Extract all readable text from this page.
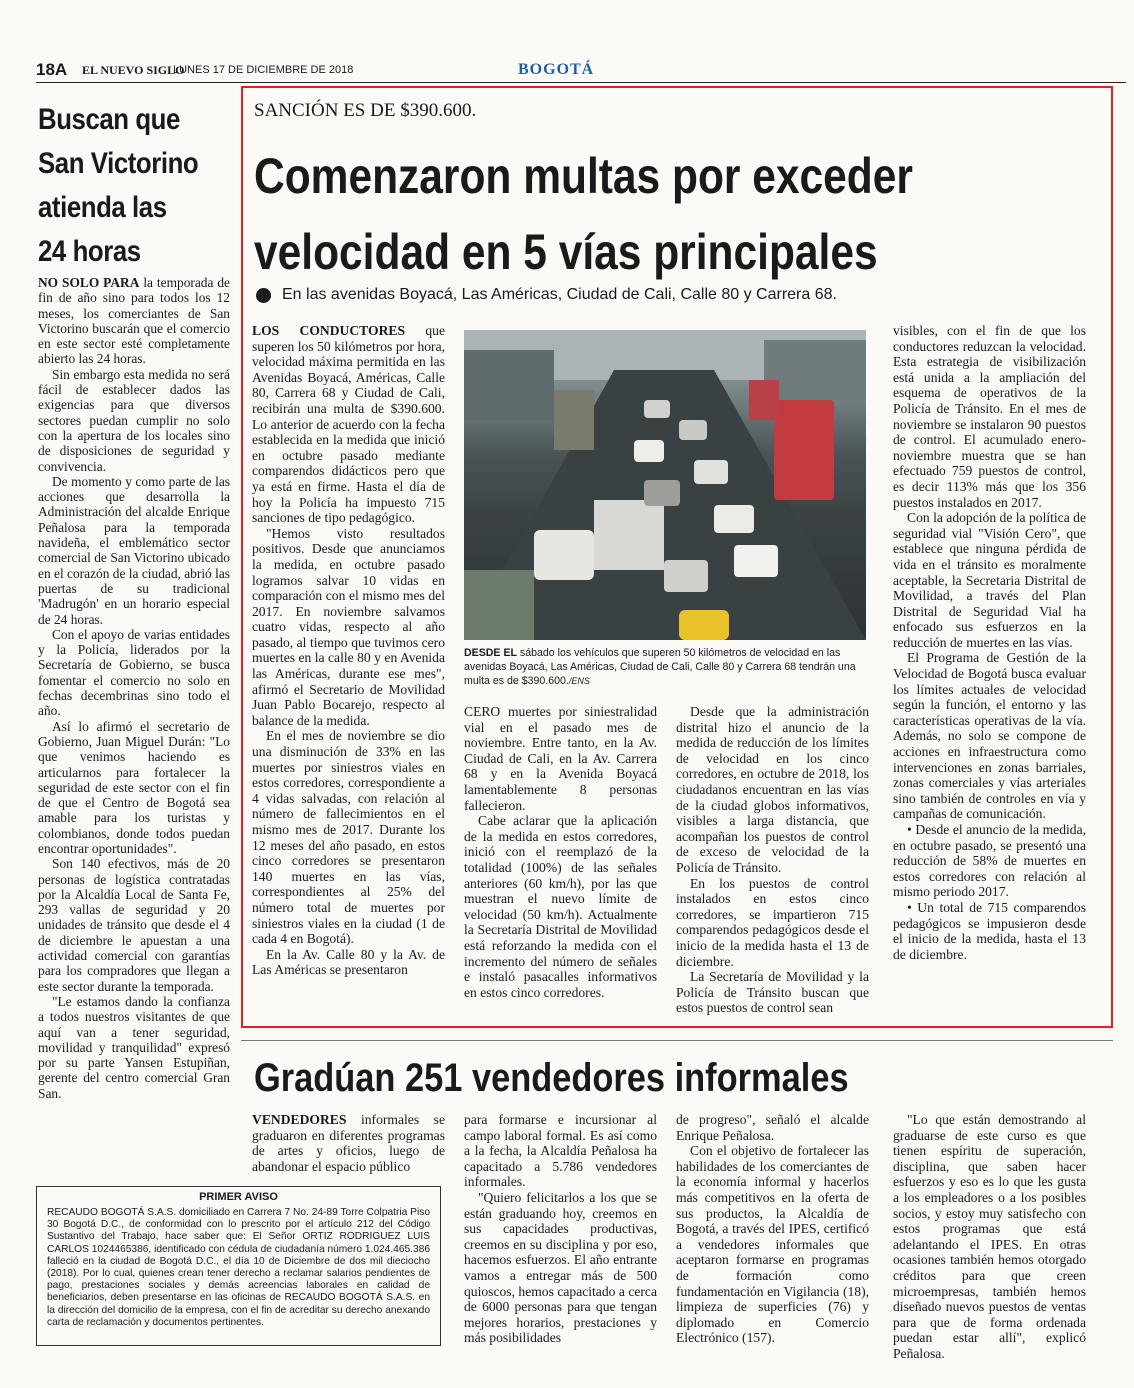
18A EL NUEVO SIGLO
LUNES 17 DE DICIEMBRE DE 2018	BOGOTÁ
Buscan que
San Victorino
atienda las
24 horas

NO SOLO PARA la temporada de fin de año sino para todos los 12 meses, los comerciantes de San Victorino buscarán que el comercio en este sector esté completamente abierto las 24 horas.

Sin embargo esta medida no será fácil de establecer dados las exigencias para que diversos sectores puedan cumplir no solo con la apertura de los locales sino de disposiciones de seguridad y convivencia.

De momento y como parte de las acciones que desarrolla la Administración del alcalde Enrique Peñalosa para la temporada navideña, el emblemático sector comercial de San Victorino ubicado en el corazón de la ciudad, abrió las puertas de su tradicional 'Madrugón' en un horario especial de 24 horas.

Con el apoyo de varias entidades y la Policía, liderados por la Secretaría de Gobierno, se busca fomentar el comercio no solo en fechas decembrinas sino todo el año.

Así lo afirmó el secretario de Gobierno, Juan Miguel Durán: "Lo que venimos haciendo es articularnos para fortalecer la seguridad de este sector con el fin de que el Centro de Bogotá sea amable para los turistas y colombianos, donde todos puedan encontrar oportunidades".

Son 140 efectivos, más de 20 personas de logística contratadas por la Alcaldía Local de Santa Fe, 293 vallas de seguridad y 20 unidades de tránsito que desde el 4 de diciembre le apuestan a una actividad comercial con garantías para los compradores que llegan a este sector durante la temporada.

"Le estamos dando la confianza a todos nuestros visitantes de que aquí van a tener seguridad, movilidad y tranquilidad" expresó por su parte Yansen Estupiñan, gerente del centro comercial Gran San.

SANCIÓN ES DE $390.600.
Comenzaron multas por exceder
velocidad en 5 vías principales
En las avenidas Boyacá, Las Américas, Ciudad de Cali, Calle 80 y Carrera 68.

LOS CONDUCTORES que superen los 50 kilómetros por hora, velocidad máxima permitida en las Avenidas Boyacá, Américas, Calle 80, Carrera 68 y Ciudad de Cali, recibirán una multa de $390.600. Lo anterior de acuerdo con la fecha establecida en la medida que inició en octubre pasado mediante comparendos didácticos pero que ya está en firme. Hasta el día de hoy la Policía ha impuesto 715 sanciones de tipo pedagógico.

"Hemos visto resultados positivos. Desde que anunciamos la medida, en octubre pasado logramos salvar 10 vidas en comparación con el mismo mes del 2017. En noviembre salvamos cuatro vidas, respecto al año pasado, al tiempo que tuvimos cero muertes en la calle 80 y en Avenida las Américas, durante ese mes", afirmó el Secretario de Movilidad Juan Pablo Bocarejo, respecto al balance de la medida.

En el mes de noviembre se dio una disminución de 33% en las muertes por siniestros viales en estos corredores, correspondiente a 4 vidas salvadas, con relación al número de fallecimientos en el mismo mes de 2017. Durante los 12 meses del año pasado, en estos cinco corredores se presentaron 140 muertes en las vías, correspondientes al 25% del número total de muertes por siniestros viales en la ciudad (1 de cada 4 en Bogotá).

En la Av. Calle 80 y la Av. de Las Américas se presentaron

DESDE EL sábado los vehículos que superen 50 kilómetros de velocidad en las avenidas Boyacá, Las Américas, Ciudad de Cali, Calle 80 y Carrera 68 tendrán una multa es de $390.600./ENS

CERO muertes por siniestralidad vial en el pasado mes de noviembre. Entre tanto, en la Av. Ciudad de Cali, en la Av. Carrera 68 y en la Avenida Boyacá lamentablemente 8 personas fallecieron.

Cabe aclarar que la aplicación de la medida en estos corredores, inició con el reemplazó de la totalidad (100%) de las señales anteriores (60 km/h), por las que muestran el nuevo límite de velocidad (50 km/h). Actualmente la Secretaría Distrital de Movilidad está reforzando la medida con el incremento del número de señales e instaló pasacalles informativos en estos cinco corredores.

Desde que la administración distrital hizo el anuncio de la medida de reducción de los límites de velocidad en los cinco corredores, en octubre de 2018, los ciudadanos encuentran en las vías de la ciudad globos informativos, visibles a larga distancia, que acompañan los puestos de control de exceso de velocidad de la Policía de Tránsito.

En los puestos de control instalados en estos cinco corredores, se impartieron 715 comparendos pedagógicos desde el inicio de la medida hasta el 13 de diciembre.

La Secretaría de Movilidad y la Policía de Tránsito buscan que estos puestos de control sean

visibles, con el fin de que los conductores reduzcan la velocidad. Esta estrategia de visibilización está unida a la ampliación del esquema de operativos de la Policía de Tránsito. En el mes de noviembre se instalaron 90 puestos de control. El acumulado enero-noviembre muestra que se han efectuado 759 puestos de control, es decir 113% más que los 356 puestos instalados en 2017.

Con la adopción de la política de seguridad vial "Visión Cero", que establece que ninguna pérdida de vida en el tránsito es moralmente aceptable, la Secretaria Distrital de Movilidad, a través del Plan Distrital de Seguridad Vial ha enfocado sus esfuerzos en la reducción de muertes en las vías.

El Programa de Gestión de la Velocidad de Bogotá busca evaluar los límites actuales de velocidad según la función, el entorno y las características operativas de la vía. Además, no solo se compone de acciones en infraestructura como intervenciones en zonas barriales, zonas comerciales y vías arteriales sino también de controles en vía y campañas de comunicación.

• Desde el anuncio de la medida, en octubre pasado, se presentó una reducción de 58% de muertes en estos corredores con relación al mismo periodo 2017.

• Un total de 715 comparendos pedagógicos se impusieron desde el inicio de la medida, hasta el 13 de diciembre.

Gradúan 251 vendedores informales

VENDEDORES informales se graduaron en diferentes programas de artes y oficios, luego de abandonar el espacio público

para formarse e incursionar al campo laboral formal. Es así como a la fecha, la Alcaldía Peñalosa ha capacitado a 5.786 vendedores informales.

"Quiero felicitarlos a los que se están graduando hoy, creemos en sus capacidades productivas, creemos en su disciplina y por eso, hacemos esfuerzos. El año entrante vamos a entregar más de 500 quioscos, hemos capacitado a cerca de 6000 personas para que tengan mejores horarios, prestaciones y más posibilidades

de progreso", señaló el alcalde Enrique Peñalosa.

Con el objetivo de fortalecer las habilidades de los comerciantes de la economía informal y hacerlos más competitivos en la oferta de sus productos, la Alcaldía de Bogotá, a través del IPES, certificó a vendedores informales que aceptaron formarse en programas de formación como fundamentación en Vigilancia (18), limpieza de superficies (76) y diplomado en Comercio Electrónico (157).

"Lo que están demostrando al graduarse de este curso es que tienen espíritu de superación, disciplina, que saben hacer esfuerzos y eso es lo que les gusta a los empleadores o a los posibles socios, y estoy muy satisfecho con estos programas que está adelantando el IPES. En otras ocasiones también hemos otorgado créditos para que creen microempresas, también hemos diseñado nuevos puestos de ventas para que de forma ordenada puedan estar allí", explicó Peñalosa.

PRIMER AVISO
RECAUDO BOGOTÁ S.A.S. domiciliado en Carrera 7 No. 24-89 Torre Colpatria Piso 30 Bogotá D.C., de conformidad con lo prescrito por el artículo 212 del Código Sustantivo del Trabajo, hace saber que: El Señor ORTIZ RODRIGUEZ LUIS CARLOS 1024465386, identificado con cédula de ciudadanía número 1.024.465.386 falleció en la ciudad de Bogotá D.C., el día 10 de Diciembre de dos mil dieciocho (2018). Por lo cual, quienes crean tener derecho a reclamar salarios pendientes de pago, prestaciones sociales y demás acreencias laborales en calidad de beneficiarios, deben presentarse en las oficinas de RECAUDO BOGOTÁ S.A.S. en la dirección del domicilio de la empresa, con el fin de acreditar su derecho anexando carta de reclamación y documentos pertinentes.
